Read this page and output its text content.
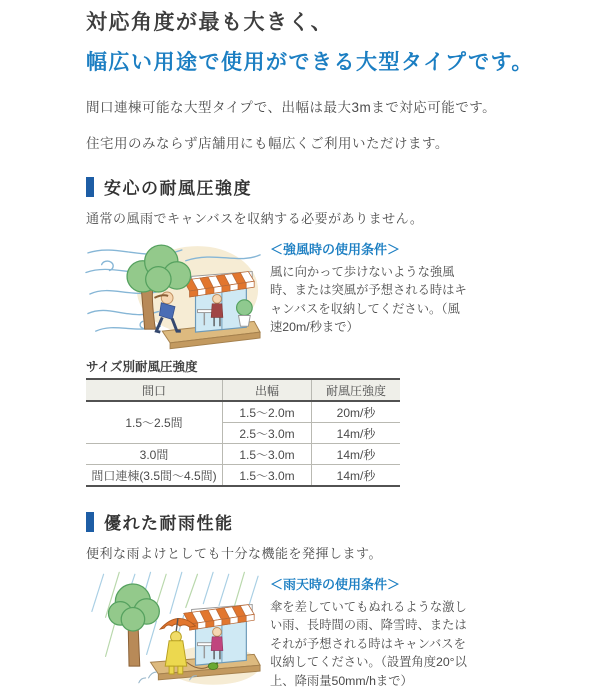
対応角度が最も大きく、
幅広い用途で使用ができる大型タイプです。

間口連棟可能な大型タイプで、出幅は最大3mまで対応可能です。

住宅用のみならず店舗用にも幅広くご利用いただけます。

安心の耐風圧強度

通常の風雨でキャンバスを収納する必要がありません。

＜強風時の使用条件＞

風に向かって歩けないような強風時、または突風が予想される時はキャンバスを収納してください。（風速20m/秒まで）

サイズ別耐風圧強度

間口	出幅	耐風圧強度
1.5～2.5間	1.5～2.0m	20m/秒
	2.5～3.0m	14m/秒
3.0間	1.5～3.0m	14m/秒
間口連棟(3.5間～4.5間)	1.5～3.0m	14m/秒
優れた耐雨性能

便利な雨よけとしても十分な機能を発揮します。

＜雨天時の使用条件＞

傘を差していてもぬれるような激しい雨、長時間の雨、降雪時、またはそれが予想される時はキャンバスを収納してください。（設置角度20°以上、降雨量50mm/hまで）
